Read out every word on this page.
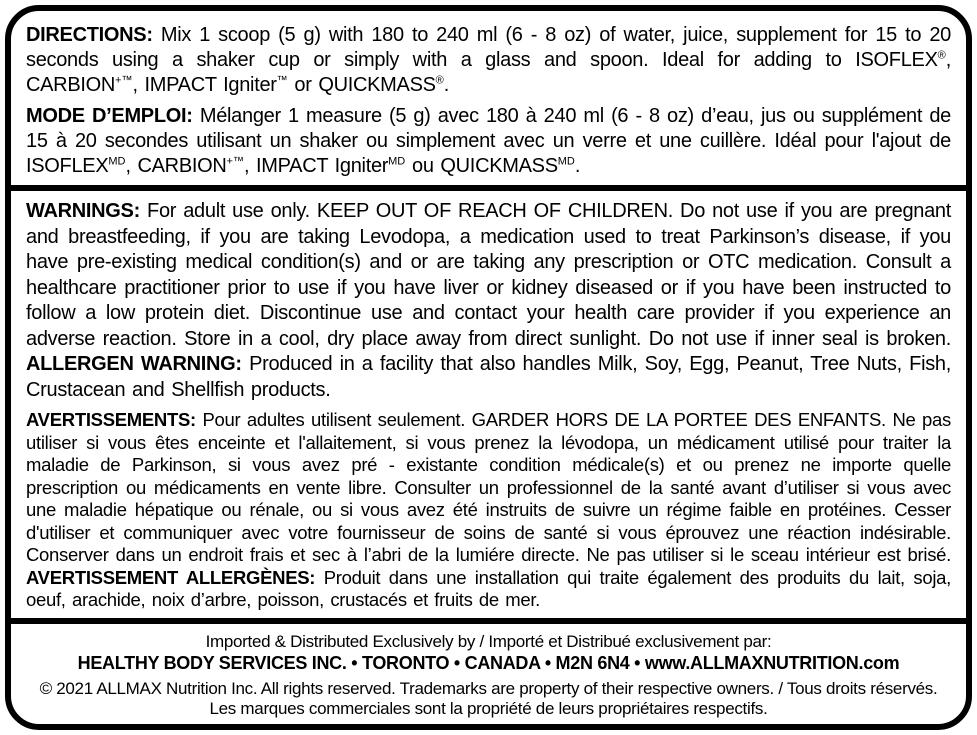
DIRECTIONS: Mix 1 scoop (5 g) with 180 to 240 ml (6 - 8 oz) of water, juice, supplement for 15 to 20 seconds using a shaker cup or simply with a glass and spoon. Ideal for adding to ISOFLEX®, CARBION+™, IMPACT Igniter™ or QUICKMASS®.

MODE D’EMPLOI: Mélanger 1 measure (5 g) avec 180 à 240 ml (6 - 8 oz) d’eau, jus ou supplément de 15 à 20 secondes utilisant un shaker ou simplement avec un verre et une cuillère. Idéal pour l'ajout de $ISOFLEX^{MD}$, CARBION+™, IMPACT Igniter$^{MD}$ ou $QUICKMASS^{MD}$.

WARNINGS: For adult use only. KEEP OUT OF REACH OF CHILDREN. Do not use if you are pregnant and breastfeeding, if you are taking Levodopa, a medication used to treat Parkinson’s disease, if you have pre-existing medical condition(s) and or are taking any prescription or OTC medication. Consult a healthcare practitioner prior to use if you have liver or kidney diseased or if you have been instructed to follow a low protein diet. Discontinue use and contact your health care provider if you experience an adverse reaction. Store in a cool, dry place away from direct sunlight. Do not use if inner seal is broken. ALLERGEN WARNING: Produced in a facility that also handles Milk, Soy, Egg, Peanut, Tree Nuts, Fish, Crustacean and Shellfish products.

AVERTISSEMENTS: Pour adultes utilisent seulement. GARDER HORS DE LA PORTEE DES ENFANTS. Ne pas utiliser si vous êtes enceinte et l'allaitement, si vous prenez la lévodopa, un médicament utilisé pour traiter la maladie de Parkinson, si vous avez pré - existante condition médicale(s) et ou prenez ne importe quelle prescription ou médicaments en vente libre. Consulter un professionnel de la santé avant d’utiliser si vous avec une maladie hépatique ou rénale, ou si vous avez été instruits de suivre un régime faible en protéines. Cesser d'utiliser et communiquer avec votre fournisseur de soins de santé si vous éprouvez une réaction indésirable. Conserver dans un endroit frais et sec à l’abri de la lumiére directe. Ne pas utiliser si le sceau intérieur est brisé. AVERTISSEMENT ALLERGÈNES: Produit dans une installation qui traite également des produits du lait, soja, oeuf, arachide, noix d’arbre, poisson, crustacés et fruits de mer.

Imported & Distributed Exclusively by / Importé et Distribué exclusivement par:
HEALTHY BODY SERVICES INC. • TORONTO • CANADA • M2N 6N4 • www.ALLMAXNUTRITION.com
© 2021 ALLMAX Nutrition Inc. All rights reserved. Trademarks are property of their respective owners. / Tous droits réservés.
Les marques commerciales sont la propriété de leurs propriétaires respectifs.
